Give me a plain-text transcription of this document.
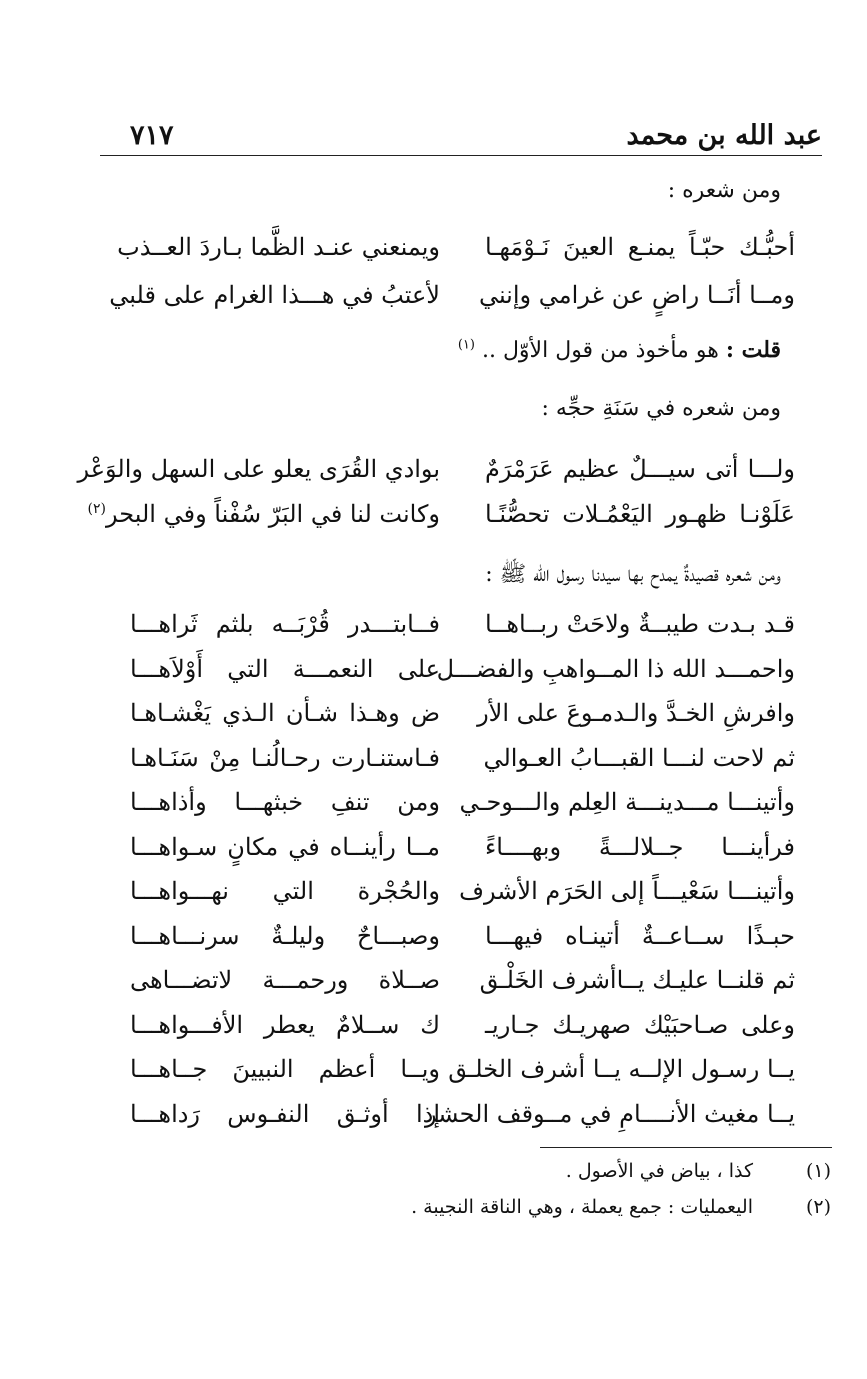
عبد الله بن محمد
٧١٧
ومن شعره :
أحبُّـك حبّـاً يمنـع العينَ نَـوْمَهـا
ويمنعني عنـد الظَّما بـاردَ العــذب
ومــا أنَــا راضٍ عن غرامي وإنني
لأعتبُ في هـــذا الغرام على قلبي
قلت : هو مأخوذ من قول الأوّل .. $^{(١)}$
ومن شعره في سَنَةِ حجِّه :
ولـــا أتى سيـــلٌ عظيم عَرَمْرَمٌ
بوادي القُرَى يعلو على السهل والوَعْر
عَلَوْنـا ظهـور اليَعْمُـلات تحصُّنًـا
وكانت لنا في البَرّ سُفْناً وفي البحر$^{(٢)}$
ومن شعره قصيدةٌ يمدح بها سيدنا رسول الله ﷺ :
قـد بـدت طيبــةٌ ولاحَتْ ربــاهــا
فــابتـــدر قُرْبَــه بلثم ثَراهـــا
واحمـــد الله ذا المــواهبِ والفضـــل
على النعمـــة التي أَوْلاَهـــا
وافرشِ الخـدَّ والـدمـوعَ على الأر
ض وهـذا شـأن الـذي يَغْشـاهـا
ثم لاحت لنـــا القبـــابُ العـوالي
فـاستنـارت رحـالُنـا مِنْ سَنَـاهـا
وأتينـــا مـــدينـــة العِلم والـــوحـي
ومن تنفِ خبثهـــا وأذاهـــا
فرأينـــا جــلالـــةً وبهــــاءً
مــا رأينــاه في مكانٍ سـواهـــا
وأتينـــا سَعْيـــاً إلى الحَرَم الأشرف
والحُجْرة التي نهـــواهـــا
حبـذًا ســاعــةٌ أتينـاه فيهـــا
وصبـــاحٌ وليلـةٌ سرنـــاهـــا
ثم قلنــا عليـك يــاأشرف الخَلْـق
صــلاة ورحمـــة لاتضـــاهى
وعلى صـاحبَيْك صهريـك جـاريـ
ك ســلامٌ يعطر الأفـــواهـــا
يــا رسـول الإلــه يــا أشرف الخلـق
ويــا أعظم النبيينَ جــاهـــا
يــا مغيث الأنــــامِ في مــوقف الحشر
إذا أوثـق النفـوس رَداهـــا
(١)كذا ، بياض في الأصول .
(٢)اليعمليات : جمع يعملة ، وهي الناقة النجيبة .
